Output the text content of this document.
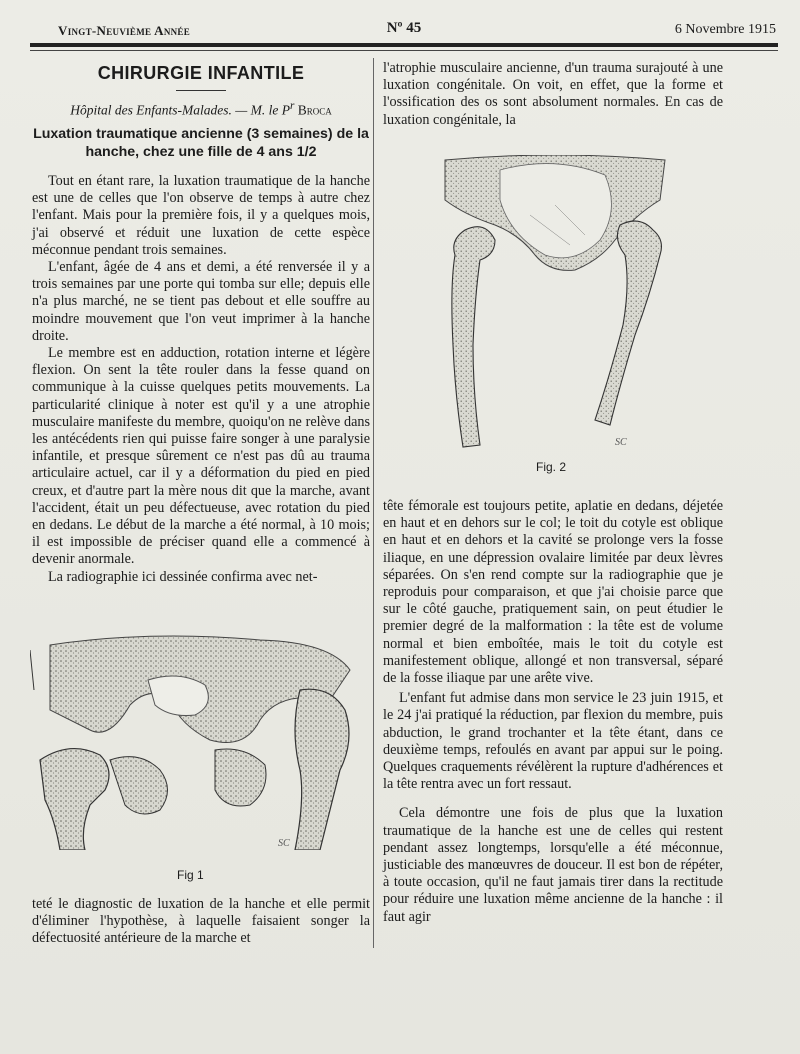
Vingt-Neuvième Année	Nº 45	6 Novembre 1915
CHIRURGIE INFANTILE
Hôpital des Enfants-Malades. — M. le $P^r$ Broca
Luxation traumatique ancienne (3 semaines) de la hanche, chez une fille de 4 ans 1/2

Tout en étant rare, la luxation traumatique de la hanche est une de celles que l'on observe de temps à autre chez l'enfant. Mais pour la première fois, il y a quelques mois, j'ai observé et réduit une luxation de cette espèce méconnue pendant trois semaines.

L'enfant, âgée de 4 ans et demi, a été renversée il y a trois semaines par une porte qui tomba sur elle; depuis elle n'a plus marché, ne se tient pas debout et elle souffre au moindre mouvement que l'on veut imprimer à la hanche droite.

Le membre est en adduction, rotation interne et légère flexion. On sent la tête rouler dans la fesse quand on communique à la cuisse quelques petits mouvements. La particularité clinique à noter est qu'il y a une atrophie musculaire manifeste du membre, quoiqu'on ne relève dans les antécédents rien qui puisse faire songer à une paralysie infantile, et presque sûrement ce n'est pas dû au trauma articulaire actuel, car il y a déformation du pied en pied creux, et d'autre part la mère nous dit que la marche, avant l'accident, était un peu défectueuse, avec rotation du pied en dedans. Le début de la marche a été normal, à 10 mois; il est impossible de préciser quand elle a commencé à devenir anormale.

La radiographie ici dessinée confirma avec net-

SC
Fig 1

teté le diagnostic de luxation de la hanche et elle permit d'éliminer l'hypothèse, à laquelle faisaient songer la défectuosité antérieure de la marche et

l'atrophie musculaire ancienne, d'un trauma surajouté à une luxation congénitale. On voit, en effet, que la forme et l'ossification des os sont absolument normales. En cas de luxation congénitale, la

SC
Fig. 2

tête fémorale est toujours petite, aplatie en dedans, déjetée en haut et en dehors sur le col; le toit du cotyle est oblique en haut et en dehors et la cavité se prolonge vers la fosse iliaque, en une dépression ovalaire limitée par deux lèvres séparées. On s'en rend compte sur la radiographie que je reproduis pour comparaison, et que j'ai choisie parce que sur le côté gauche, pratiquement sain, on peut étudier le premier degré de la malformation : la tête est de volume normal et bien emboîtée, mais le toit du cotyle est manifestement oblique, allongé et non transversal, séparé de la fosse iliaque par une arête vive.

L'enfant fut admise dans mon service le 23 juin 1915, et le 24 j'ai pratiqué la réduction, par flexion du membre, puis abduction, le grand trochanter et la tête étant, dans ce deuxième temps, refoulés en avant par appui sur le poing. Quelques craquements révélèrent la rupture d'adhérences et la tête rentra avec un fort ressaut.

Cela démontre une fois de plus que la luxation traumatique de la hanche est une de celles qui restent pendant assez longtemps, lorsqu'elle a été méconnue, justiciable des manœuvres de douceur. Il est bon de répéter, à toute occasion, qu'il ne faut jamais tirer dans la rectitude pour réduire une luxation même ancienne de la hanche : il faut agir
